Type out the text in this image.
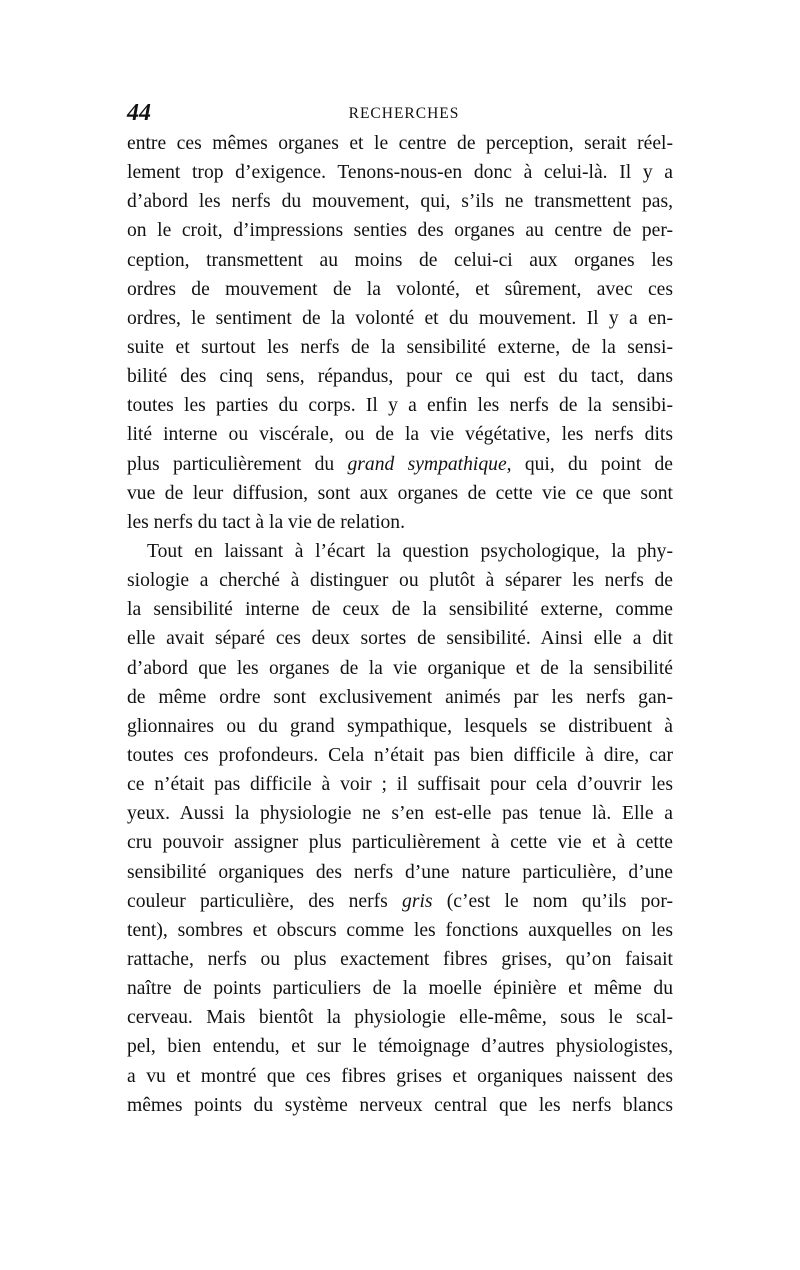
44	RECHERCHES
entre ces mêmes organes et le centre de perception, serait réel-
lement trop d’exigence. Tenons-nous-en donc à celui-là. Il y a
d’abord les nerfs du mouvement, qui, s’ils ne transmettent pas,
on le croit, d’impressions senties des organes au centre de per-
ception, transmettent au moins de celui-ci aux organes les
ordres de mouvement de la volonté, et sûrement, avec ces
ordres, le sentiment de la volonté et du mouvement. Il y a en-
suite et surtout les nerfs de la sensibilité externe, de la sensi-
bilité des cinq sens, répandus, pour ce qui est du tact, dans
toutes les parties du corps. Il y a enfin les nerfs de la sensibi-
lité interne ou viscérale, ou de la vie végétative, les nerfs dits
plus particulièrement du grand sympathique, qui, du point de
vue de leur diffusion, sont aux organes de cette vie ce que sont
les nerfs du tact à la vie de relation.
Tout en laissant à l’écart la question psychologique, la phy-
siologie a cherché à distinguer ou plutôt à séparer les nerfs de
la sensibilité interne de ceux de la sensibilité externe, comme
elle avait séparé ces deux sortes de sensibilité. Ainsi elle a dit
d’abord que les organes de la vie organique et de la sensibilité
de même ordre sont exclusivement animés par les nerfs gan-
glionnaires ou du grand sympathique, lesquels se distribuent à
toutes ces profondeurs. Cela n’était pas bien difficile à dire, car
ce n’était pas difficile à voir ; il suffisait pour cela d’ouvrir les
yeux. Aussi la physiologie ne s’en est-elle pas tenue là. Elle a
cru pouvoir assigner plus particulièrement à cette vie et à cette
sensibilité organiques des nerfs d’une nature particulière, d’une
couleur particulière, des nerfs gris (c’est le nom qu’ils por-
tent), sombres et obscurs comme les fonctions auxquelles on les
rattache, nerfs ou plus exactement fibres grises, qu’on faisait
naître de points particuliers de la moelle épinière et même du
cerveau. Mais bientôt la physiologie elle-même, sous le scal-
pel, bien entendu, et sur le témoignage d’autres physiologistes,
a vu et montré que ces fibres grises et organiques naissent des
mêmes points du système nerveux central que les nerfs blancs
